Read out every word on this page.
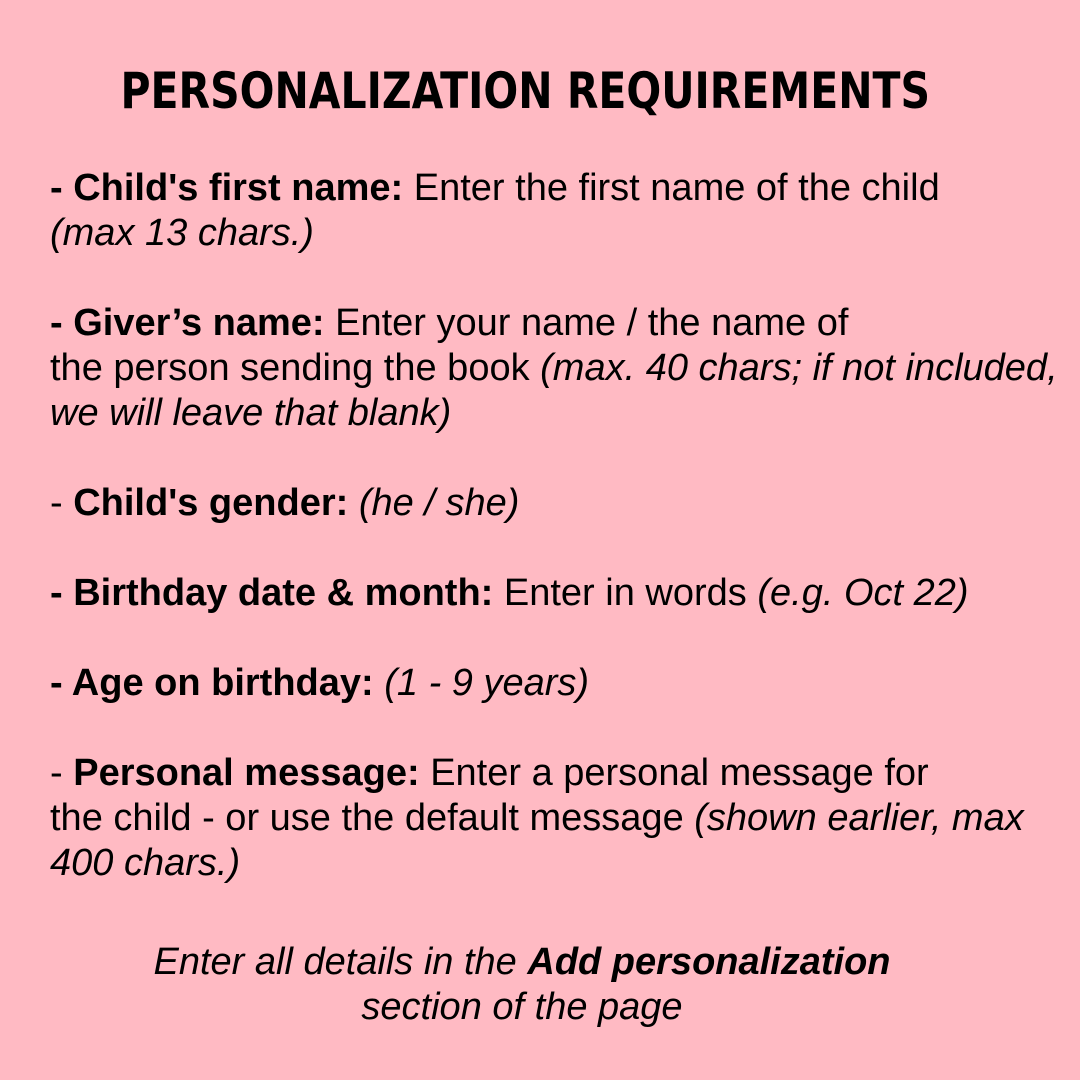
PERSONALIZATION REQUIREMENTS
- Child's first name: Enter the first name of the child
(max 13 chars.)
- Giver’s name: Enter your name / the name of
the person sending the book (max. 40 chars; if not included, we will leave that blank)
- Child's gender: (he / she)
- Birthday date & month: Enter in words (e.g. Oct 22)
- Age on birthday: (1 - 9 years)
- Personal message: Enter a personal message for
the child - or use the default message (shown earlier, max 400 chars.)
Enter all details in the Add personalization
section of the page
